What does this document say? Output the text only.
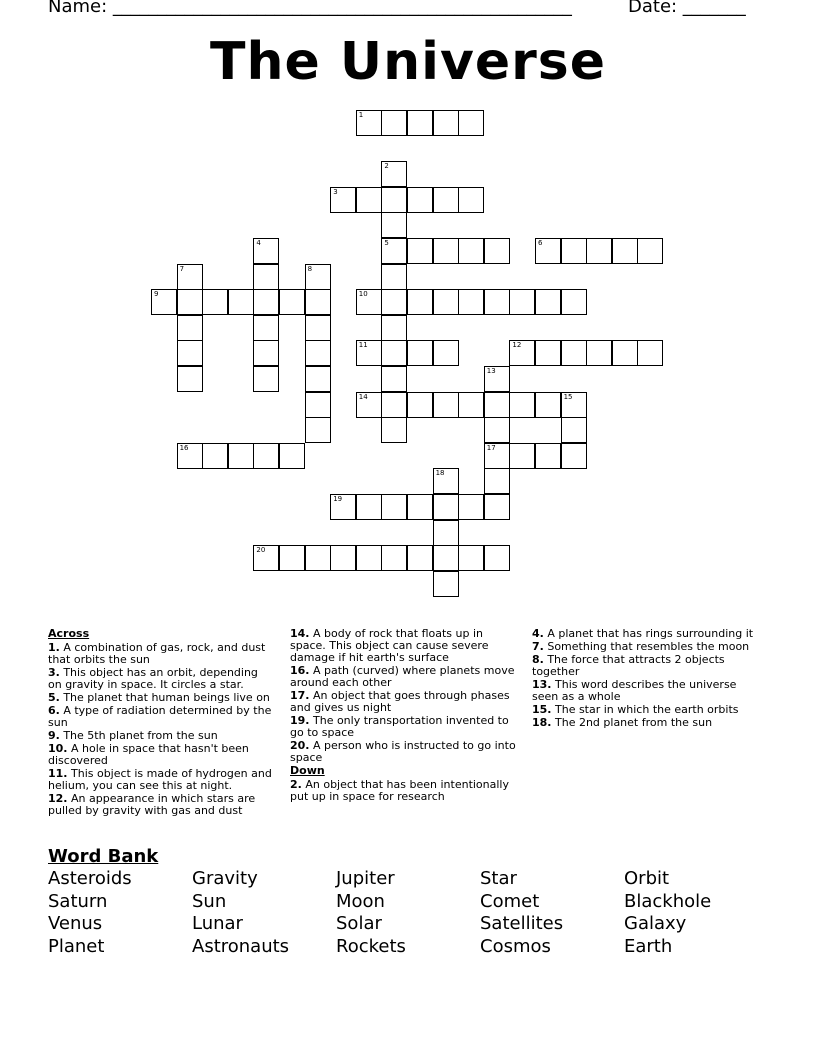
Name: ___________________________________________________	Date: _______
The Universe
1
2
5
3
4	6
7	8
9	10
11	12
13
17
14	15
16
18
19
20
Across
1. A combination of gas, rock, and dust that orbits the sun
3. This object has an orbit, depending on gravity in space. It circles a star.
5. The planet that human beings live on
6. A type of radiation determined by the sun
9. The 5th planet from the sun
10. A hole in space that hasn't been discovered
11. This object is made of hydrogen and helium, you can see this at night.
12. An appearance in which stars are pulled by gravity with gas and dust
14. A body of rock that floats up in space. This object can cause severe damage if hit earth's surface
16. A path (curved) where planets move around each other
17. An object that goes through phases and gives us night
19. The only transportation invented to go to space
20. A person who is instructed to go into space
Down
2. An object that has been intentionally put up in space for research
4. A planet that has rings surrounding it
7. Something that resembles the moon
8. The force that attracts 2 objects together
13. This word describes the universe seen as a whole
15. The star in which the earth orbits
18. The 2nd planet from the sun
Word Bank
Asteroids	Gravity	Jupiter	Star	Orbit
Saturn	Sun	Moon	Comet	Blackhole
Venus	Lunar	Solar	Satellites	Galaxy
Planet	Astronauts	Rockets	Cosmos	Earth
